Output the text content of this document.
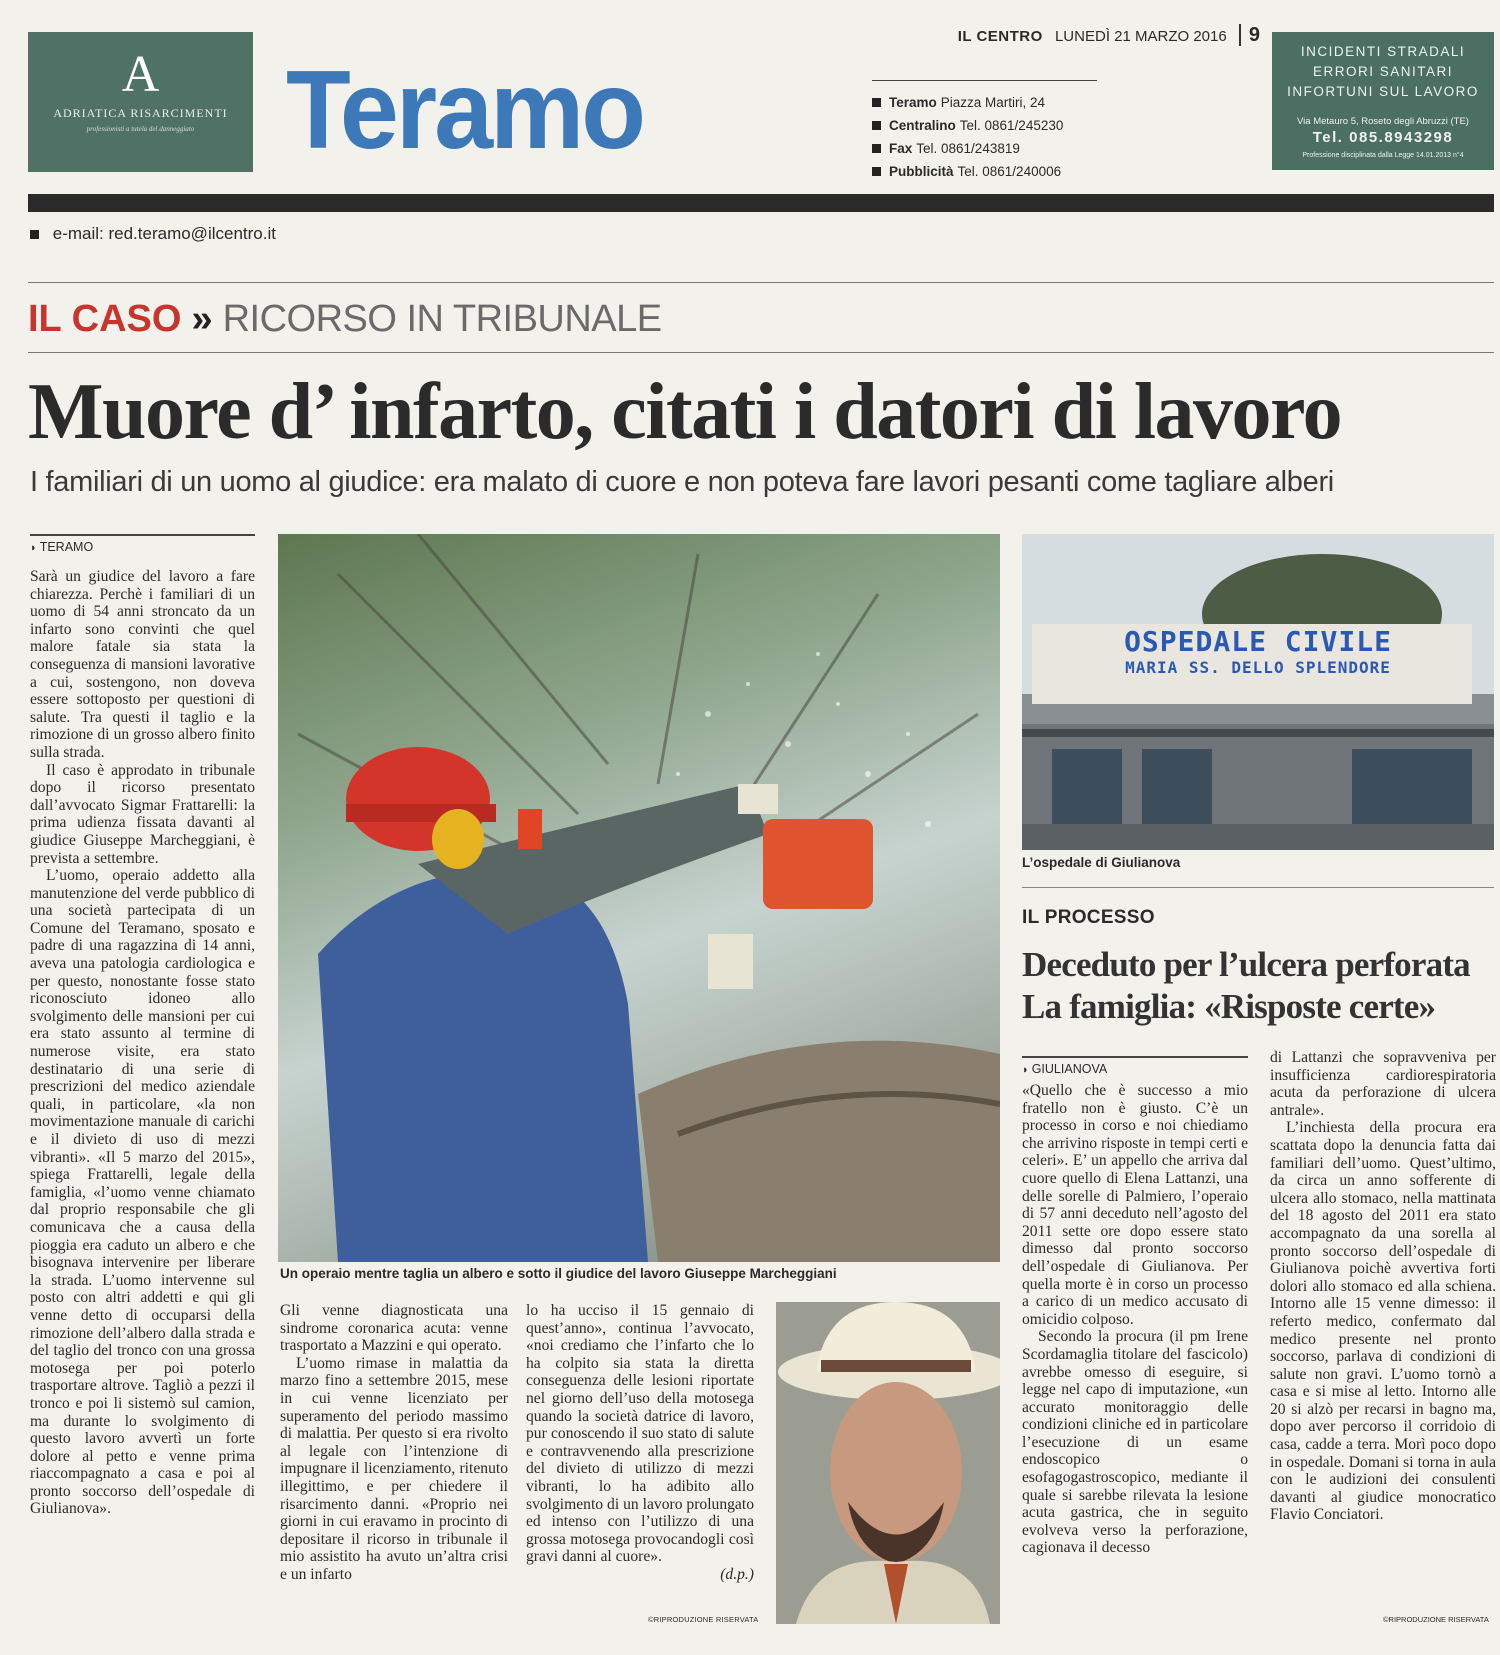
A
ADRIATICA RISARCIMENTI
professionisti a tutela del danneggiato Teramo
IL CENTRO LUNEDÌ 21 MARZO 2016 9
Teramo Piazza Martiri, 24
Centralino Tel. 0861/245230
Fax Tel. 0861/243819
Pubblicità Tel. 0861/240006
INCIDENTI STRADALI
ERRORI SANITARI
INFORTUNI SUL LAVORO
Via Metauro 5, Roseto degli Abruzzi (TE)
Tel. 085.8943298
Professione disciplinata dalla Legge 14.01.2013 n°4
e-mail: red.teramo@ilcentro.it
IL CASO » RICORSO IN TRIBUNALE
Muore d’ infarto, citati i datori di lavoro
I familiari di un uomo al giudice: era malato di cuore e non poteva fare lavori pesanti come tagliare alberi
◗ TERAMO

Sarà un giudice del lavoro a fare chiarezza. Perchè i familiari di un uomo di 54 anni stroncato da un infarto sono convinti che quel malore fatale sia stata la conseguenza di mansioni lavorative a cui, sostengono, non doveva essere sottoposto per questioni di salute. Tra questi il taglio e la rimozione di un grosso albero finito sulla strada.

Il caso è approdato in tribunale dopo il ricorso presentato dall’avvocato Sigmar Frattarelli: la prima udienza fissata davanti al giudice Giuseppe Marcheggiani, è prevista a settembre.

L’uomo, operaio addetto alla manutenzione del verde pubblico di una società partecipata di un Comune del Teramano, sposato e padre di una ragazzina di 14 anni, aveva una patologia cardiologica e per questo, nonostante fosse stato riconosciuto idoneo allo svolgimento delle mansioni per cui era stato assunto al termine di numerose visite, era stato destinatario di una serie di prescrizioni del medico aziendale quali, in particolare, «la non movimentazione manuale di carichi e il divieto di uso di mezzi vibranti». «Il 5 marzo del 2015», spiega Frattarelli, legale della famiglia, «l’uomo venne chiamato dal proprio responsabile che gli comunicava che a causa della pioggia era caduto un albero e che bisognava intervenire per liberare la strada. L’uomo intervenne sul posto con altri addetti e qui gli venne detto di occuparsi della rimozione dell’albero dalla strada e del taglio del tronco con una grossa motosega per poi poterlo trasportare altrove. Tagliò a pezzi il tronco e poi li sistemò sul camion, ma durante lo svolgimento di questo lavoro avvertì un forte dolore al petto e venne prima riaccompagnato a casa e poi al pronto soccorso dell’ospedale di Giulianova».

Un operaio mentre taglia un albero e sotto il giudice del lavoro Giuseppe Marcheggiani

Gli venne diagnosticata una sindrome coronarica acuta: venne trasportato a Mazzini e qui operato.

L’uomo rimase in malattia da marzo fino a settembre 2015, mese in cui venne licenziato per superamento del periodo massimo di malattia. Per questo si era rivolto al legale con l’intenzione di impugnare il licenziamento, ritenuto illegittimo, e per chiedere il risarcimento danni. «Proprio nei giorni in cui eravamo in procinto di depositare il ricorso in tribunale il mio assistito ha avuto un’altra crisi e un infarto

lo ha ucciso il 15 gennaio di quest’anno», continua l’avvocato, «noi crediamo che l’infarto che lo ha colpito sia stata la diretta conseguenza delle lesioni riportate nel giorno dell’uso della motosega quando la società datrice di lavoro, pur conoscendo il suo stato di salute e contravvenendo alla prescrizione del divieto di utilizzo di mezzi vibranti, lo ha adibito allo svolgimento di un lavoro prolungato ed intenso con l’utilizzo di una grossa motosega provocandogli così gravi danni al cuore».

(d.p.)

©RIPRODUZIONE RISERVATA
OSPEDALE CIVILE
MARIA SS. DELLO SPLENDORE
L’ospedale di Giulianova
IL PROCESSO
Deceduto per l’ulcera perforata
La famiglia: «Risposte certe»
◗ GIULIANOVA

«Quello che è successo a mio fratello non è giusto. C’è un processo in corso e noi chiediamo che arrivino risposte in tempi certi e celeri». E’ un appello che arriva dal cuore quello di Elena Lattanzi, una delle sorelle di Palmiero, l’operaio di 57 anni deceduto nell’agosto del 2011 sette ore dopo essere stato dimesso dal pronto soccorso dell’ospedale di Giulianova. Per quella morte è in corso un processo a carico di un medico accusato di omicidio colposo.

Secondo la procura (il pm Irene Scordamaglia titolare del fascicolo) avrebbe omesso di eseguire, si legge nel capo di imputazione, «un accurato monitoraggio delle condizioni cliniche ed in particolare l’esecuzione di un esame endoscopico o esofagogastroscopico, mediante il quale si sarebbe rilevata la lesione acuta gastrica, che in seguito evolveva verso la perforazione, cagionava il decesso

di Lattanzi che sopravveniva per insufficienza cardiorespiratoria acuta da perforazione di ulcera antrale».

L’inchiesta della procura era scattata dopo la denuncia fatta dai familiari dell’uomo. Quest’ultimo, da circa un anno sofferente di ulcera allo stomaco, nella mattinata del 18 agosto del 2011 era stato accompagnato da una sorella al pronto soccorso dell’ospedale di Giulianova poichè avvertiva forti dolori allo stomaco ed alla schiena. Intorno alle 15 venne dimesso: il referto medico, confermato dal medico presente nel pronto soccorso, parlava di condizioni di salute non gravi. L’uomo tornò a casa e si mise al letto. Intorno alle 20 si alzò per recarsi in bagno ma, dopo aver percorso il corridoio di casa, cadde a terra. Morì poco dopo in ospedale. Domani si torna in aula con le audizioni dei consulenti davanti al giudice monocratico Flavio Conciatori.

©RIPRODUZIONE RISERVATA
